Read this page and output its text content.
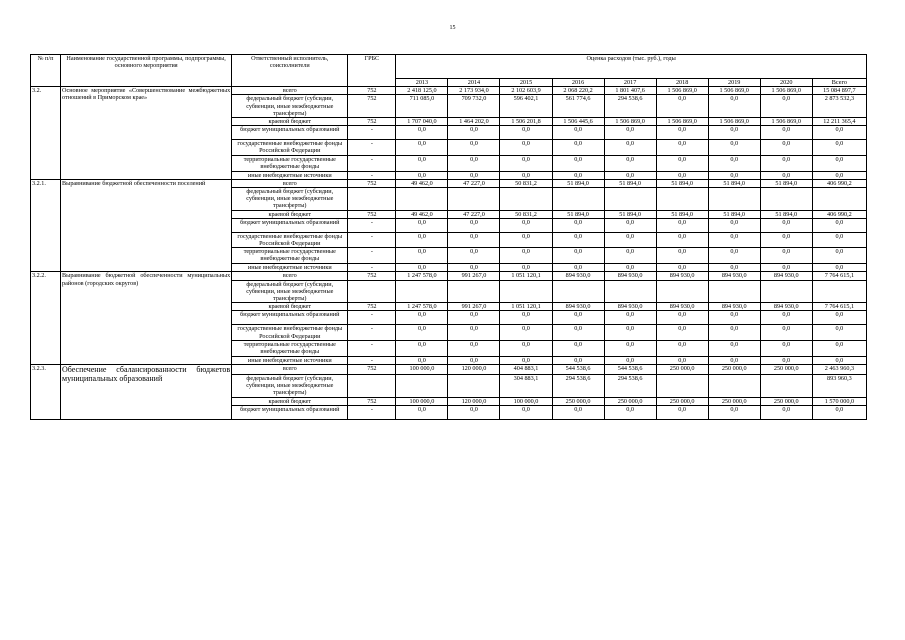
15
№ п/п	Наименование государственной программы, подпрограммы, основного мероприятия	Ответственный исполнитель, соисполнители	ГРБС	Оценка расходов (тыс. руб.), годы								
				2013	2014	2015	2016	2017	2018	2019	2020	Всего
3.2.	Основное мероприятие «Совершенствование межбюджетных отношений в Приморском крае»	всего	752	2 418 125,0	2 173 934,0	2 102 603,9	2 068 220,2	1 801 407,6	1 506 869,0	1 506 869,0	1 506 869,0	15 084 897,7
		федеральный бюджет (субсидии, субвенции, иные межбюджетные трансферты)	752	711 085,0	709 732,0	596 402,1	561 774,6	294 538,6	0,0	0,0	0,0	2 873 532,3
		краевой бюджет	752	1 707 040,0	1 464 202,0	1 506 201,8	1 506 445,6	1 506 869,0	1 506 869,0	1 506 869,0	1 506 869,0	12 211 365,4
		бюджет муниципальных образований	-	0,0	0,0	0,0	0,0	0,0	0,0	0,0	0,0	0,0
		государственные внебюджетные фонды Российской Федерации	-	0,0	0,0	0,0	0,0	0,0	0,0	0,0	0,0	0,0
		территориальные государственные внебюджетные фонды	-	0,0	0,0	0,0	0,0	0,0	0,0	0,0	0,0	0,0
		иные внебюджетные источники	-	0,0	0,0	0,0	0,0	0,0	0,0	0,0	0,0	0,0
3.2.1.	Выравнивание бюджетной обеспеченности поселений	всего	752	49 462,0	47 227,0	50 831,2	51 894,0	51 894,0	51 894,0	51 894,0	51 894,0	406 990,2
		федеральный бюджет (субсидии, субвенции, иные межбюджетные трансферты)										
		краевой бюджет	752	49 462,0	47 227,0	50 831,2	51 894,0	51 894,0	51 894,0	51 894,0	51 894,0	406 990,2
		бюджет муниципальных образований	-	0,0	0,0	0,0	0,0	0,0	0,0	0,0	0,0	0,0
		государственные внебюджетные фонды Российской Федерации	-	0,0	0,0	0,0	0,0	0,0	0,0	0,0	0,0	0,0
		территориальные государственные внебюджетные фонды	-	0,0	0,0	0,0	0,0	0,0	0,0	0,0	0,0	0,0
		иные внебюджетные источники	-	0,0	0,0	0,0	0,0	0,0	0,0	0,0	0,0	0,0
3.2.2.	Выравнивание бюджетной обеспеченности муниципальных районов (городских округов)	всего	752	1 247 578,0	991 267,0	1 051 120,1	894 930,0	894 930,0	894 930,0	894 930,0	894 930,0	7 764 615,1
		федеральный бюджет (субсидии, субвенции, иные межбюджетные трансферты)										
		краевой бюджет	752	1 247 578,0	991 267,0	1 051 120,1	894 930,0	894 930,0	894 930,0	894 930,0	894 930,0	7 764 615,1
		бюджет муниципальных образований	-	0,0	0,0	0,0	0,0	0,0	0,0	0,0	0,0	0,0
		государственные внебюджетные фонды Российской Федерации	-	0,0	0,0	0,0	0,0	0,0	0,0	0,0	0,0	0,0
		территориальные государственные внебюджетные фонды	-	0,0	0,0	0,0	0,0	0,0	0,0	0,0	0,0	0,0
		иные внебюджетные источники	-	0,0	0,0	0,0	0,0	0,0	0,0	0,0	0,0	0,0
3.2.3.	Обеспечение сбалансированности бюджетов муниципальных образований	всего	752	100 000,0	120 000,0	404 883,1	544 538,6	544 538,6	250 000,0	250 000,0	250 000,0	2 463 960,3
		федеральный бюджет (субсидии, субвенции, иные межбюджетные трансферты)				304 883,1	294 538,6	294 538,6				893 960,3
		краевой бюджет	752	100 000,0	120 000,0	100 000,0	250 000,0	250 000,0	250 000,0	250 000,0	250 000,0	1 570 000,0
		бюджет муниципальных образований	-	0,0	0,0	0,0	0,0	0,0	0,0	0,0	0,0	0,0
